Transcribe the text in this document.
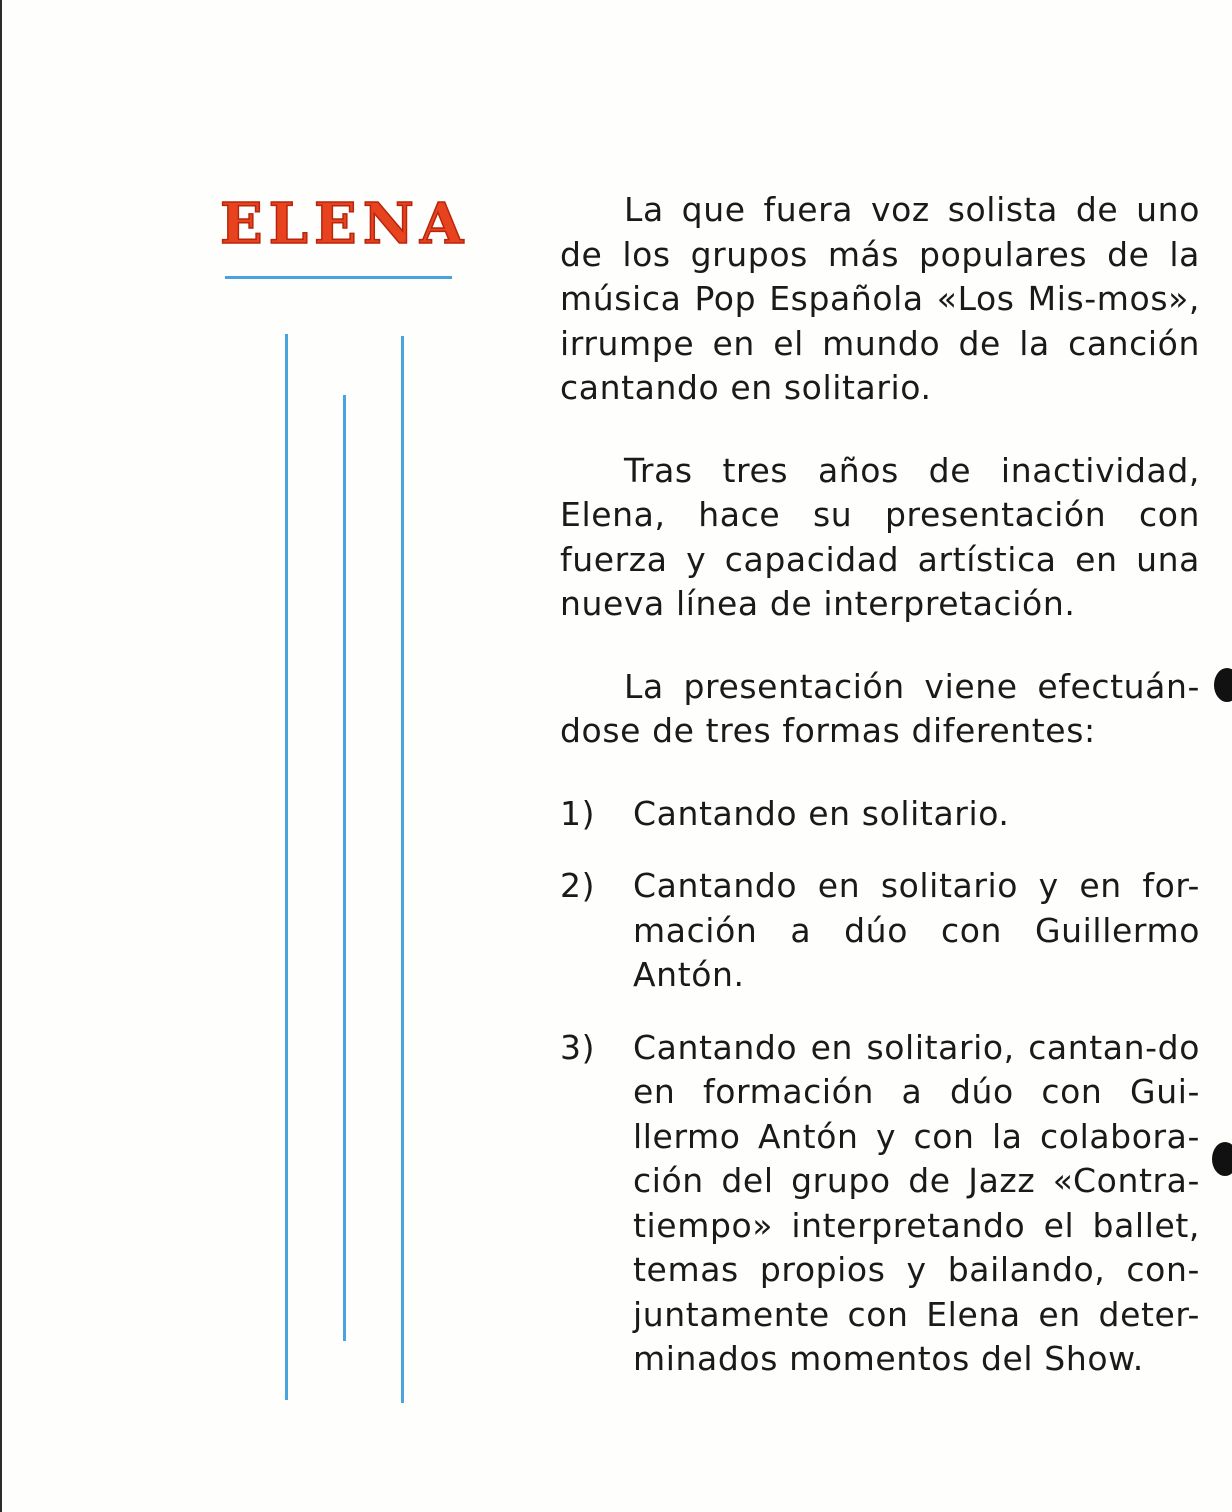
ELENA	La que fuera voz solista de uno de los grupos más populares de la música Pop Española «Los Mis-mos», irrumpe en el mundo de la canción cantando en solitario.

Tras tres años de inactividad, Elena, hace su presentación con fuerza y capacidad artística en una nueva línea de interpretación.

La presentación viene efectuán-dose de tres formas diferentes:

1)	Cantando en solitario.
2)	Cantando en solitario y en for-mación a dúo con Guillermo Antón.
3)	Cantando en solitario, cantan-do en formación a dúo con Gui-llermo Antón y con la colabora-ción del grupo de Jazz «Contra-tiempo» interpretando el ballet, temas propios y bailando, con-juntamente con Elena en deter-minados momentos del Show.
